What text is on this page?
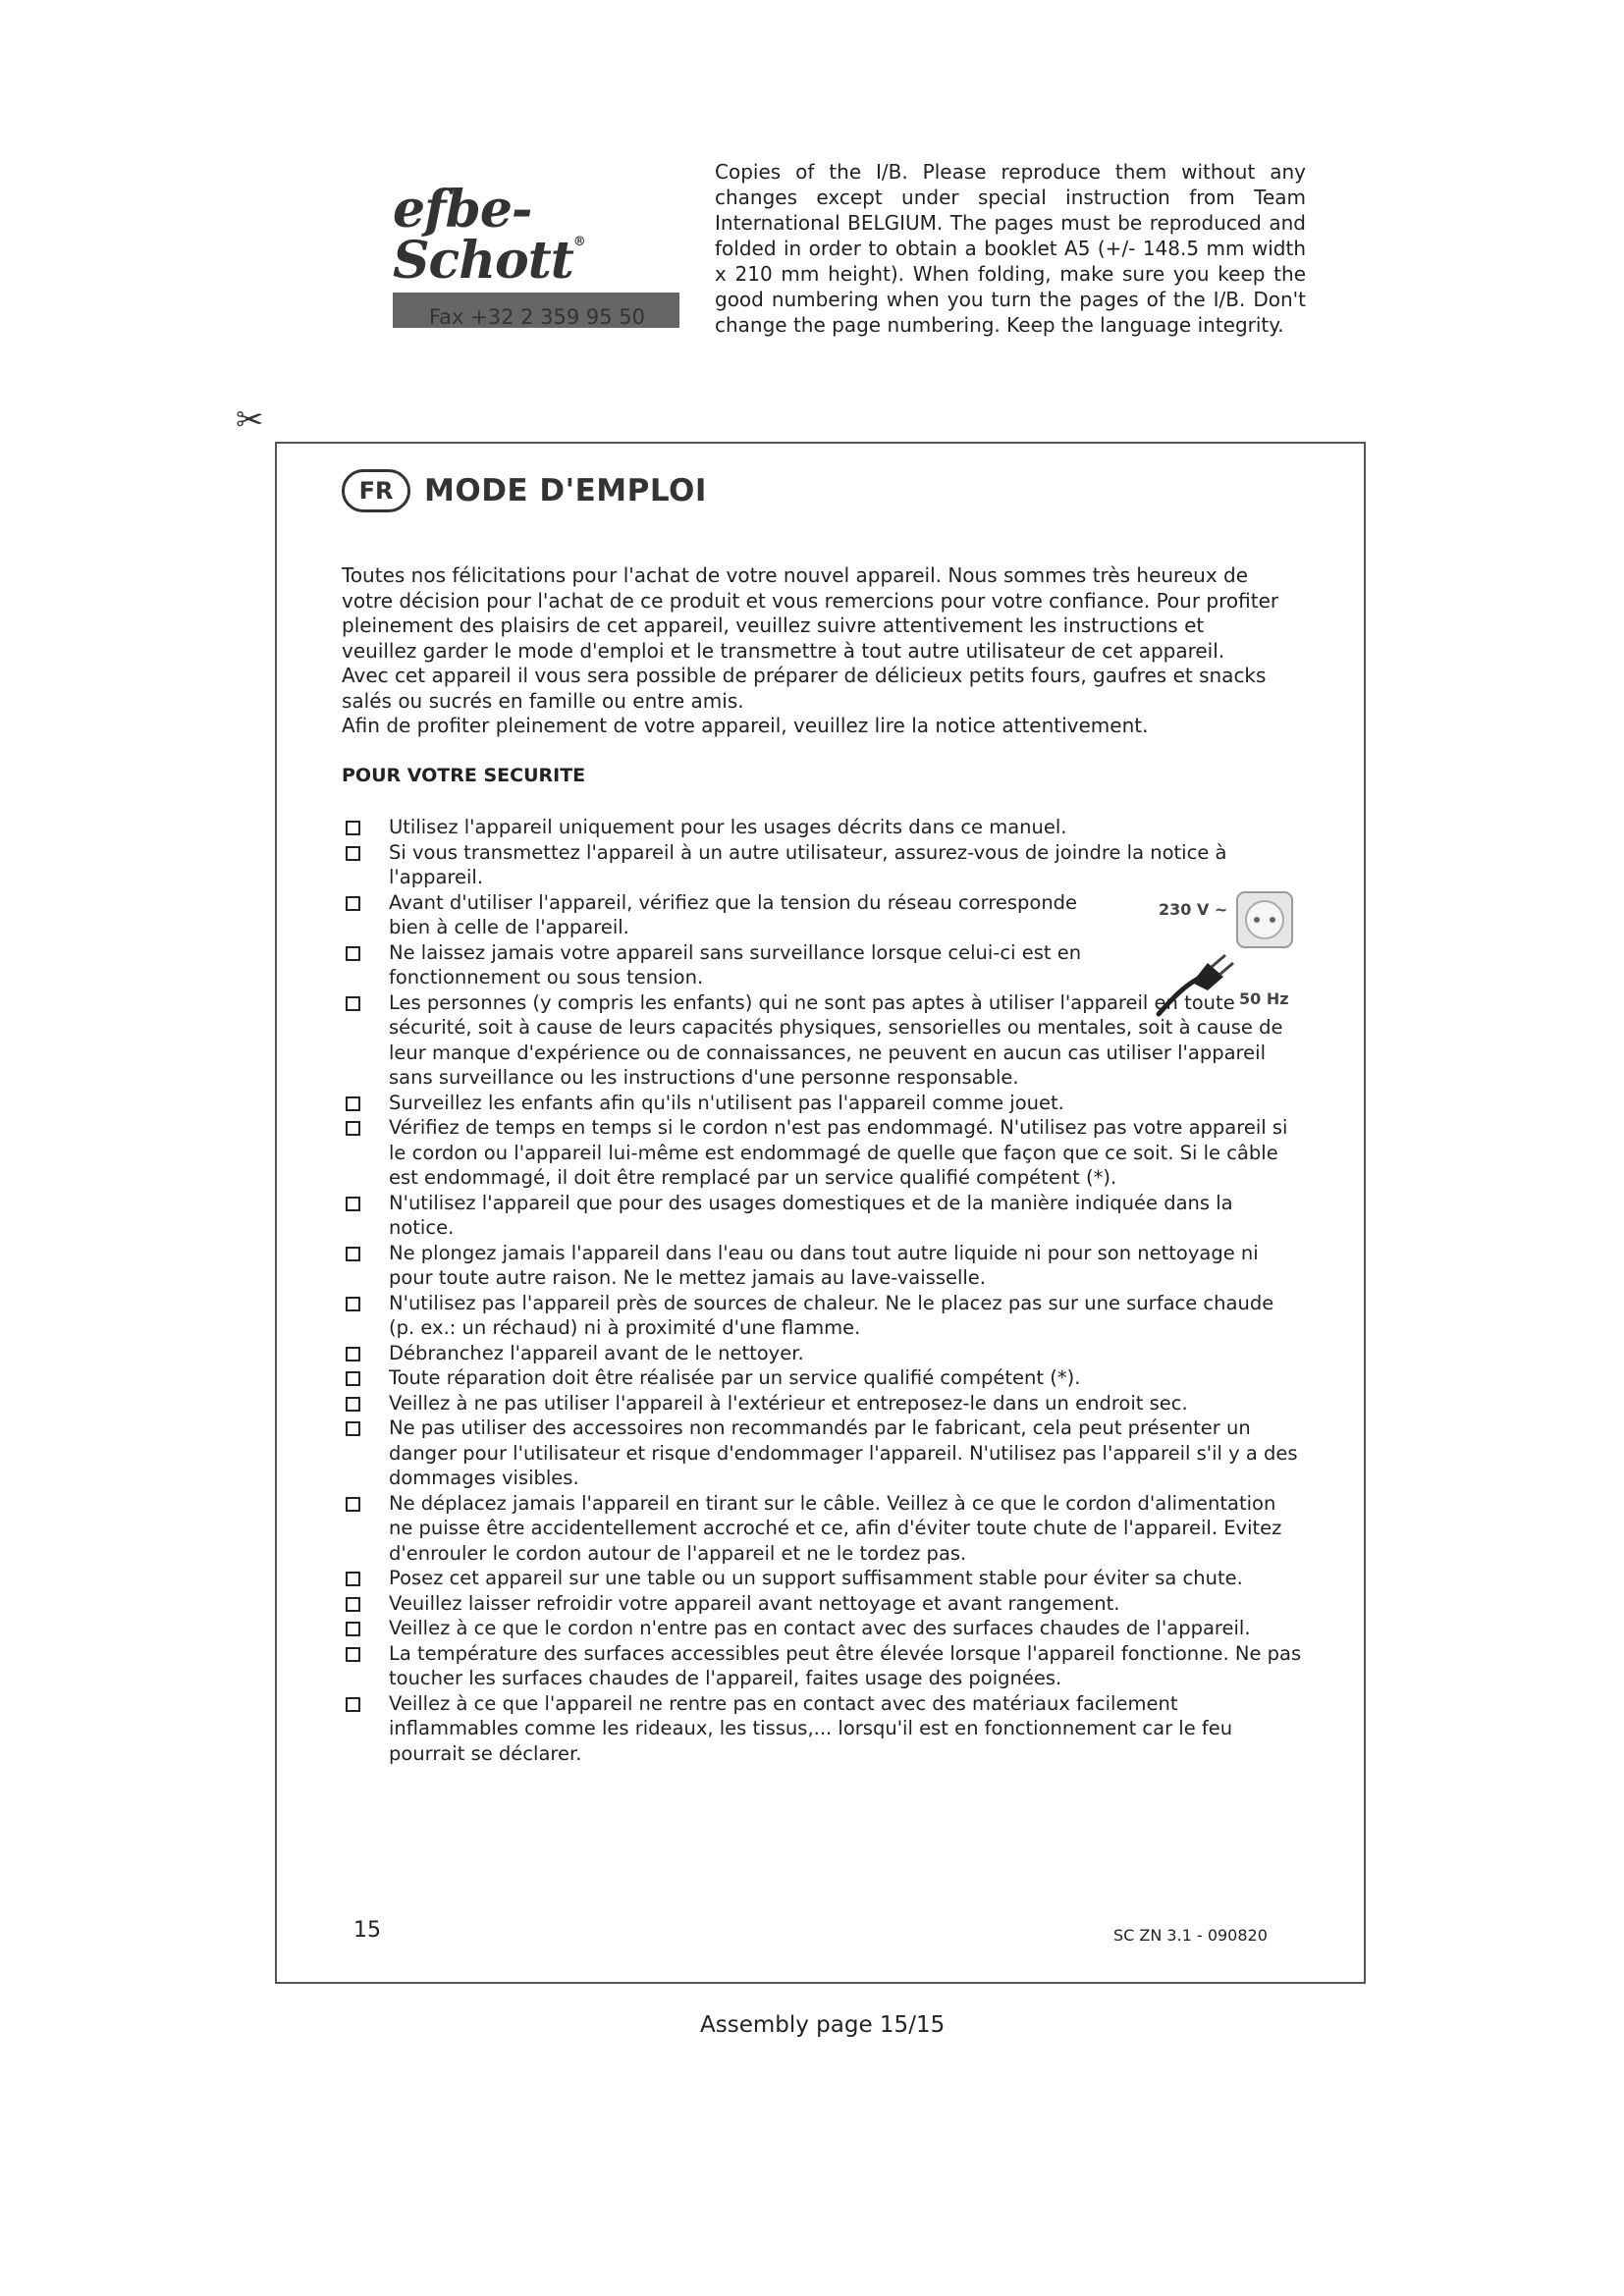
efbe-Schott®
Fax +32 2 359 95 50
Copies of the I/B. Please reproduce them without any changes except under special instruction from Team International BELGIUM. The pages must be reproduced and folded in order to obtain a booklet A5 (+/- 148.5 mm width x 210 mm height). When folding, make sure you keep the good numbering when you turn the pages of the I/B. Don't change the page numbering. Keep the language integrity.
✂
FR	MODE D'EMPLOI

Toutes nos félicitations pour l'achat de votre nouvel appareil. Nous sommes très heureux de votre décision pour l'achat de ce produit et vous remercions pour votre confiance. Pour profiter pleinement des plaisirs de cet appareil, veuillez suivre attentivement les instructions et veuillez garder le mode d'emploi et le transmettre à tout autre utilisateur de cet appareil.

Avec cet appareil il vous sera possible de préparer de délicieux petits fours, gaufres et snacks salés ou sucrés en famille ou entre amis.

Afin de profiter pleinement de votre appareil, veuillez lire la notice attentivement.

POUR VOTRE SECURITE
Utilisez l'appareil uniquement pour les usages décrits dans ce manuel.
Si vous transmettez l'appareil à un autre utilisateur, assurez-vous de joindre la notice à l'appareil.
Avant d'utiliser l'appareil, vérifiez que la tension du réseau corresponde bien à celle de l'appareil.
Ne laissez jamais votre appareil sans surveillance lorsque celui-ci est en fonctionnement ou sous tension.
Les personnes (y compris les enfants) qui ne sont pas aptes à utiliser l'appareil en toute sécurité, soit à cause de leurs capacités physiques, sensorielles ou mentales, soit à cause de leur manque d'expérience ou de connaissances, ne peuvent en aucun cas utiliser l'appareil sans surveillance ou les instructions d'une personne responsable.
Surveillez les enfants afin qu'ils n'utilisent pas l'appareil comme jouet.
Vérifiez de temps en temps si le cordon n'est pas endommagé. N'utilisez pas votre appareil si le cordon ou l'appareil lui-même est endommagé de quelle que façon que ce soit. Si le câble est endommagé, il doit être remplacé par un service qualifié compétent (*).
N'utilisez l'appareil que pour des usages domestiques et de la manière indiquée dans la notice.
Ne plongez jamais l'appareil dans l'eau ou dans tout autre liquide ni pour son nettoyage ni pour toute autre raison. Ne le mettez jamais au lave-vaisselle.
N'utilisez pas l'appareil près de sources de chaleur. Ne le placez pas sur une surface chaude (p. ex.: un réchaud) ni à proximité d'une flamme.
Débranchez l'appareil avant de le nettoyer.
Toute réparation doit être réalisée par un service qualifié compétent (*).
Veillez à ne pas utiliser l'appareil à l'extérieur et entreposez-le dans un endroit sec.
Ne pas utiliser des accessoires non recommandés par le fabricant, cela peut présenter un danger pour l'utilisateur et risque d'endommager l'appareil. N'utilisez pas l'appareil s'il y a des dommages visibles.
Ne déplacez jamais l'appareil en tirant sur le câble. Veillez à ce que le cordon d'alimentation ne puisse être accidentellement accroché et ce, afin d'éviter toute chute de l'appareil. Evitez d'enrouler le cordon autour de l'appareil et ne le tordez pas.
Posez cet appareil sur une table ou un support suffisamment stable pour éviter sa chute.
Veuillez laisser refroidir votre appareil avant nettoyage et avant rangement.
Veillez à ce que le cordon n'entre pas en contact avec des surfaces chaudes de l'appareil.
La température des surfaces accessibles peut être élevée lorsque l'appareil fonctionne. Ne pas toucher les surfaces chaudes de l'appareil, faites usage des poignées.
Veillez à ce que l'appareil ne rentre pas en contact avec des matériaux facilement inflammables comme les rideaux, les tissus,... lorsqu'il est en fonctionnement car le feu pourrait se déclarer.
230 V ~
50 Hz
15	SC ZN 3.1 - 090820
Assembly page 15/15
